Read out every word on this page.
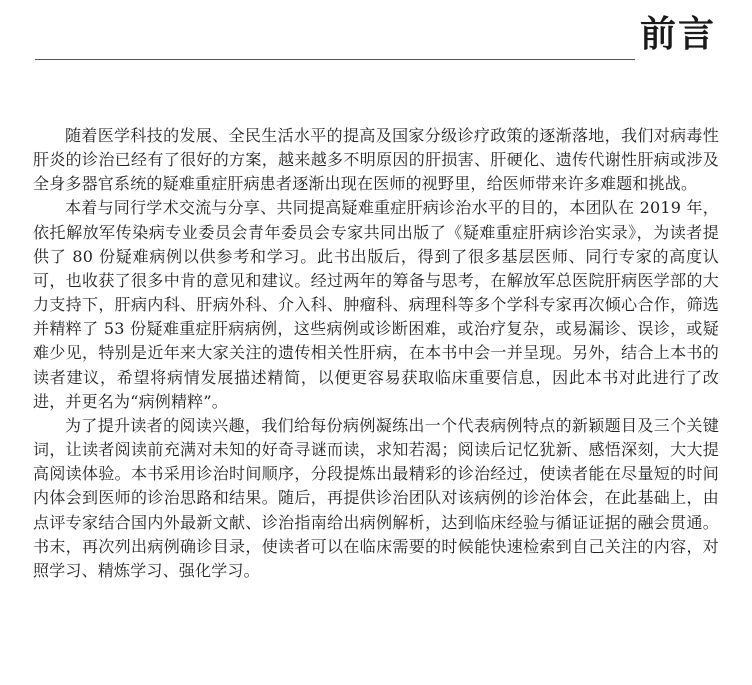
前言

随着医学科技的发展、全民生活水平的提高及国家分级诊疗政策的逐渐落地，我们对病毒性肝炎的诊治已经有了很好的方案，越来越多不明原因的肝损害、肝硬化、遗传代谢性肝病或涉及全身多器官系统的疑难重症肝病患者逐渐出现在医师的视野里，给医师带来许多难题和挑战。

本着与同行学术交流与分享、共同提高疑难重症肝病诊治水平的目的，本团队在 2019 年，依托解放军传染病专业委员会青年委员会专家共同出版了《疑难重症肝病诊治实录》，为读者提供了 80 份疑难病例以供参考和学习。此书出版后，得到了很多基层医师、同行专家的高度认可，也收获了很多中肯的意见和建议。经过两年的筹备与思考，在解放军总医院肝病医学部的大力支持下，肝病内科、肝病外科、介入科、肿瘤科、病理科等多个学科专家再次倾心合作，筛选并精粹了 53 份疑难重症肝病病例，这些病例或诊断困难，或治疗复杂，或易漏诊、误诊，或疑难少见，特别是近年来大家关注的遗传相关性肝病，在本书中会一并呈现。另外，结合上本书的读者建议，希望将病情发展描述精简，以便更容易获取临床重要信息，因此本书对此进行了改进，并更名为“病例精粹”。

为了提升读者的阅读兴趣，我们给每份病例凝练出一个代表病例特点的新颖题目及三个关键词，让读者阅读前充满对未知的好奇寻谜而读，求知若渴；阅读后记忆犹新、感悟深刻，大大提高阅读体验。本书采用诊治时间顺序，分段提炼出最精彩的诊治经过，使读者能在尽量短的时间内体会到医师的诊治思路和结果。随后，再提供诊治团队对该病例的诊治体会，在此基础上，由点评专家结合国内外最新文献、诊治指南给出病例解析，达到临床经验与循证证据的融会贯通。书末，再次列出病例确诊目录，使读者可以在临床需要的时候能快速检索到自己关注的内容，对照学习、精炼学习、强化学习。
